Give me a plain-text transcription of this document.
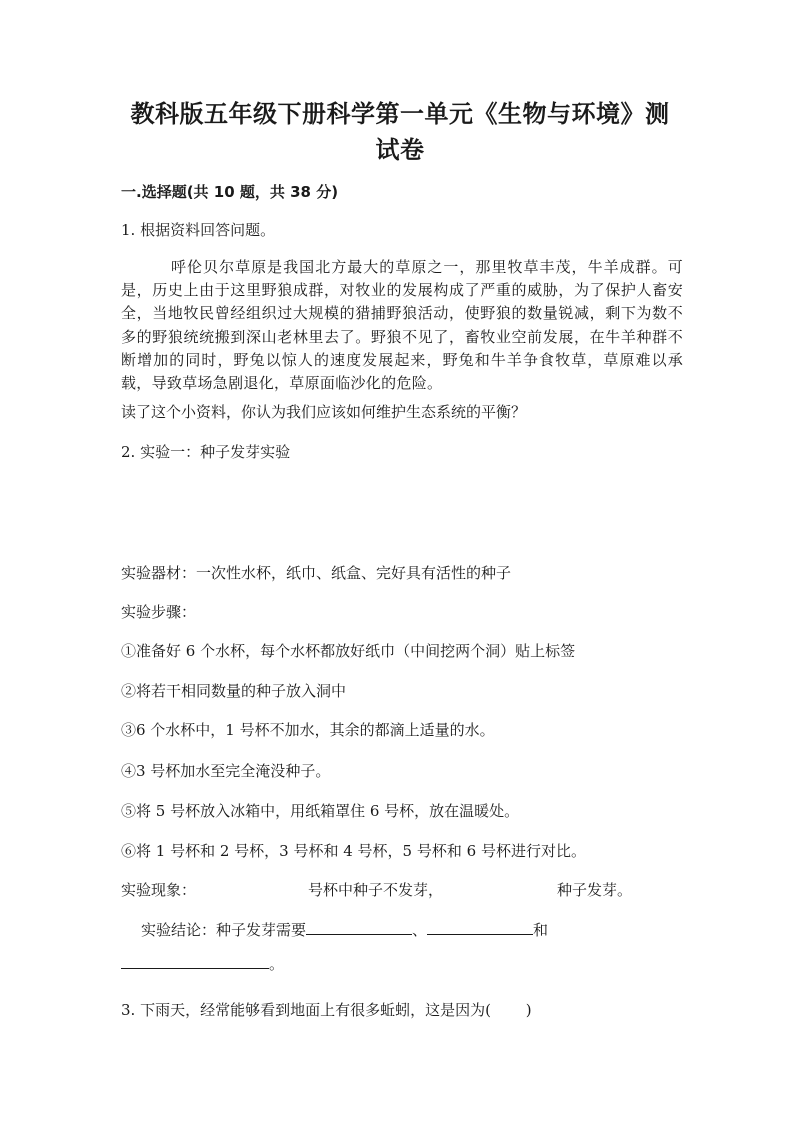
教科版五年级下册科学第一单元《生物与环境》测
试卷
一.选择题(共 10 题，共 38 分)
1. 根据资料回答问题。
呼伦贝尔草原是我国北方最大的草原之一，那里牧草丰茂，牛羊成群。可是，历史上由于这里野狼成群，对牧业的发展构成了严重的威胁，为了保护人畜安全，当地牧民曾经组织过大规模的猎捕野狼活动，使野狼的数量锐减，剩下为数不多的野狼统统搬到深山老林里去了。野狼不见了，畜牧业空前发展，在牛羊种群不断增加的同时，野兔以惊人的速度发展起来，野兔和牛羊争食牧草，草原难以承载，导致草场急剧退化，草原面临沙化的危险。
读了这个小资料，你认为我们应该如何维护生态系统的平衡？
2. 实验一：种子发芽实验
实验器材：一次性水杯，纸巾、纸盒、完好具有活性的种子
实验步骤：
①准备好 6 个水杯，每个水杯都放好纸巾（中间挖两个洞）贴上标签
②将若干相同数量的种子放入洞中
③6 个水杯中，1 号杯不加水，其余的都滴上适量的水。
④3 号杯加水至完全淹没种子。
⑤将 5 号杯放入冰箱中，用纸箱罩住 6 号杯，放在温暖处。
⑥将 1 号杯和 2 号杯，3 号杯和 4 号杯，5 号杯和 6 号杯进行对比。
实验现象：	号杯中种子不发芽，	种子发芽。
实验结论：种子发芽需要	、	和
。
3. 下雨天，经常能够看到地面上有很多蚯蚓，这是因为(　　 )
